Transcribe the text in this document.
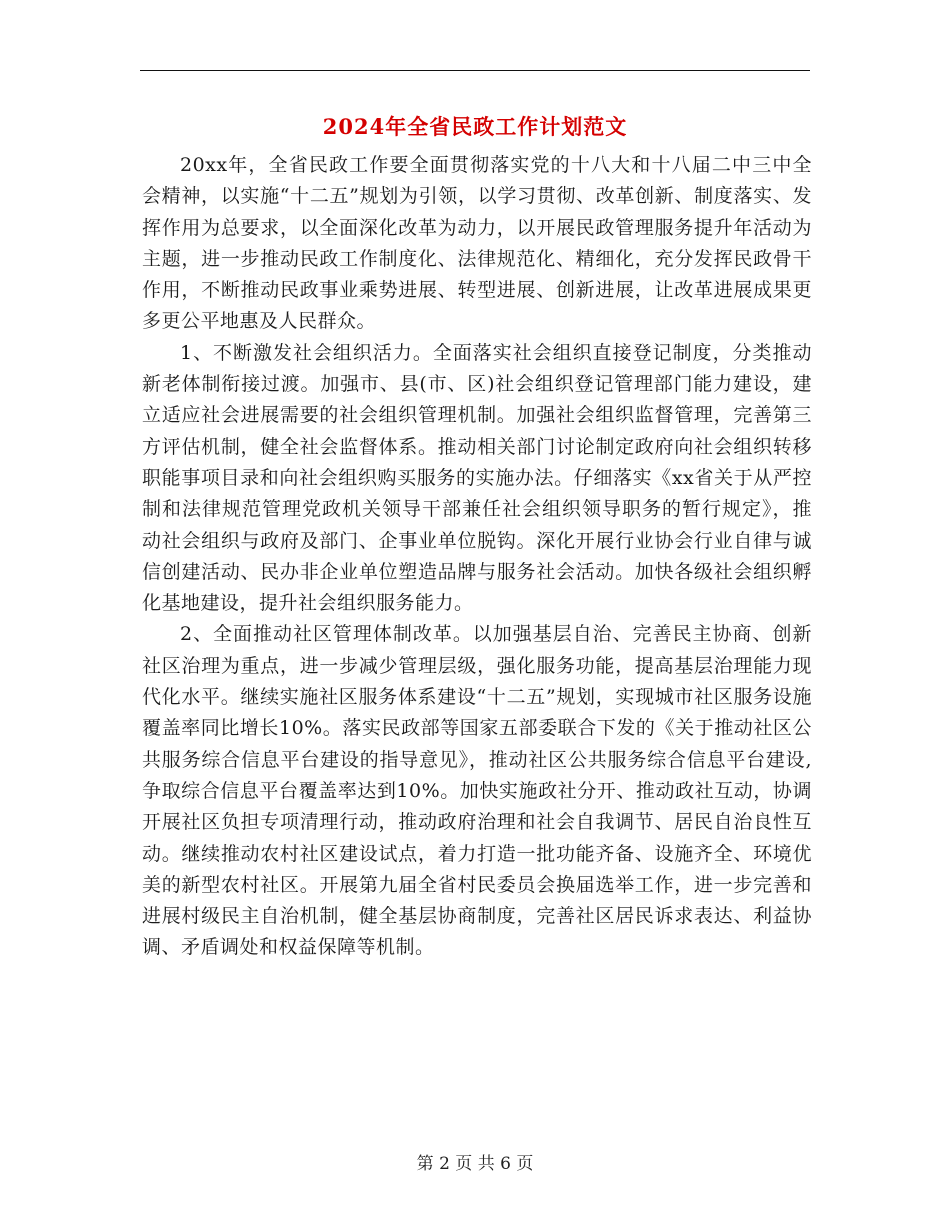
2024年全省民政工作计划范文

20xx年，全省民政工作要全面贯彻落实党的十八大和十八届二中三中全会精神，以实施“十二五”规划为引领，以学习贯彻、改革创新、制度落实、发挥作用为总要求，以全面深化改革为动力，以开展民政管理服务提升年活动为主题，进一步推动民政工作制度化、法律规范化、精细化，充分发挥民政骨干作用，不断推动民政事业乘势进展、转型进展、创新进展，让改革进展成果更多更公平地惠及人民群众。

1、不断激发社会组织活力。全面落实社会组织直接登记制度，分类推动新老体制衔接过渡。加强市、县(市、区)社会组织登记管理部门能力建设，建立适应社会进展需要的社会组织管理机制。加强社会组织监督管理，完善第三方评估机制，健全社会监督体系。推动相关部门讨论制定政府向社会组织转移职能事项目录和向社会组织购买服务的实施办法。仔细落实《xx省关于从严控制和法律规范管理党政机关领导干部兼任社会组织领导职务的暂行规定》，推动社会组织与政府及部门、企事业单位脱钩。深化开展行业协会行业自律与诚信创建活动、民办非企业单位塑造品牌与服务社会活动。加快各级社会组织孵化基地建设，提升社会组织服务能力。

2、全面推动社区管理体制改革。以加强基层自治、完善民主协商、创新社区治理为重点，进一步减少管理层级，强化服务功能，提高基层治理能力现代化水平。继续实施社区服务体系建设“十二五”规划，实现城市社区服务设施覆盖率同比增长10%。落实民政部等国家五部委联合下发的《关于推动社区公共服务综合信息平台建设的指导意见》，推动社区公共服务综合信息平台建设,争取综合信息平台覆盖率达到10%。加快实施政社分开、推动政社互动，协调开展社区负担专项清理行动，推动政府治理和社会自我调节、居民自治良性互动。继续推动农村社区建设试点，着力打造一批功能齐备、设施齐全、环境优美的新型农村社区。开展第九届全省村民委员会换届选举工作，进一步完善和进展村级民主自治机制，健全基层协商制度，完善社区居民诉求表达、利益协调、矛盾调处和权益保障等机制。

第 2 页 共 6 页
